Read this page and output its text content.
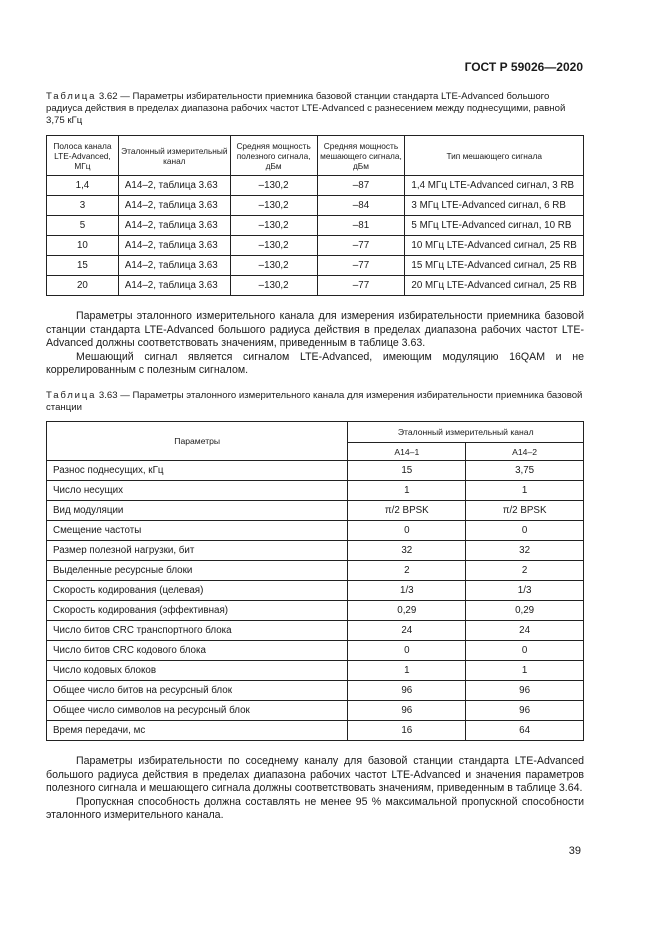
ГОСТ Р 59026—2020
Таблица 3.62 — Параметры избирательности приемника базовой станции стандарта LTE-Advanced большого радиуса действия в пределах диапазона рабочих частот LTE-Advanced с разнесением между поднесущими, равной 3,75 кГц
Полоса канала LTE-Advanced, МГц	Эталонный измерительный канал	Средняя мощность полезного сигнала, дБм	Средняя мощность мешающего сигнала, дБм	Тип мешающего сигнала
1,4	A14–2, таблица 3.63	–130,2	–87	1,4 МГц LTE-Advanced сигнал, 3 RB
3	A14–2, таблица 3.63	–130,2	–84	3 МГц LTE-Advanced сигнал, 6 RB
5	A14–2, таблица 3.63	–130,2	–81	5 МГц LTE-Advanced сигнал, 10 RB
10	A14–2, таблица 3.63	–130,2	–77	10 МГц LTE-Advanced сигнал, 25 RB
15	A14–2, таблица 3.63	–130,2	–77	15 МГц LTE-Advanced сигнал, 25 RB
20	A14–2, таблица 3.63	–130,2	–77	20 МГц LTE-Advanced сигнал, 25 RB

Параметры эталонного измерительного канала для измерения избирательности приемника базовой станции стандарта LTE-Advanced большого радиуса действия в пределах диапазона рабочих частот LTE-Advanced должны соответствовать значениям, приведенным в таблице 3.63.

Мешающий сигнал является сигналом LTE-Advanced, имеющим модуляцию 16QAM и не коррелированным с полезным сигналом.

Таблица 3.63 — Параметры эталонного измерительного канала для измерения избирательности приемника базовой станции
Параметры	Эталонный измерительный канал	
	A14–1	A14–2
Разнос поднесущих, кГц	15	3,75
Число несущих	1	1
Вид модуляции	π/2 BPSK	π/2 BPSK
Смещение частоты	0	0
Размер полезной нагрузки, бит	32	32
Выделенные ресурсные блоки	2	2
Скорость кодирования (целевая)	1/3	1/3
Скорость кодирования (эффективная)	0,29	0,29
Число битов CRC транспортного блока	24	24
Число битов CRC кодового блока	0	0
Число кодовых блоков	1	1
Общее число битов на ресурсный блок	96	96
Общее число символов на ресурсный блок	96	96
Время передачи, мс	16	64

Параметры избирательности по соседнему каналу для базовой станции стандарта LTE-Advanced большого радиуса действия в пределах диапазона рабочих частот LTE-Advanced и значения параметров полезного сигнала и мешающего сигнала должны соответствовать значениям, приведенным в таблице 3.64.

Пропускная способность должна составлять не менее 95 % максимальной пропускной способности эталонного измерительного канала.

39
